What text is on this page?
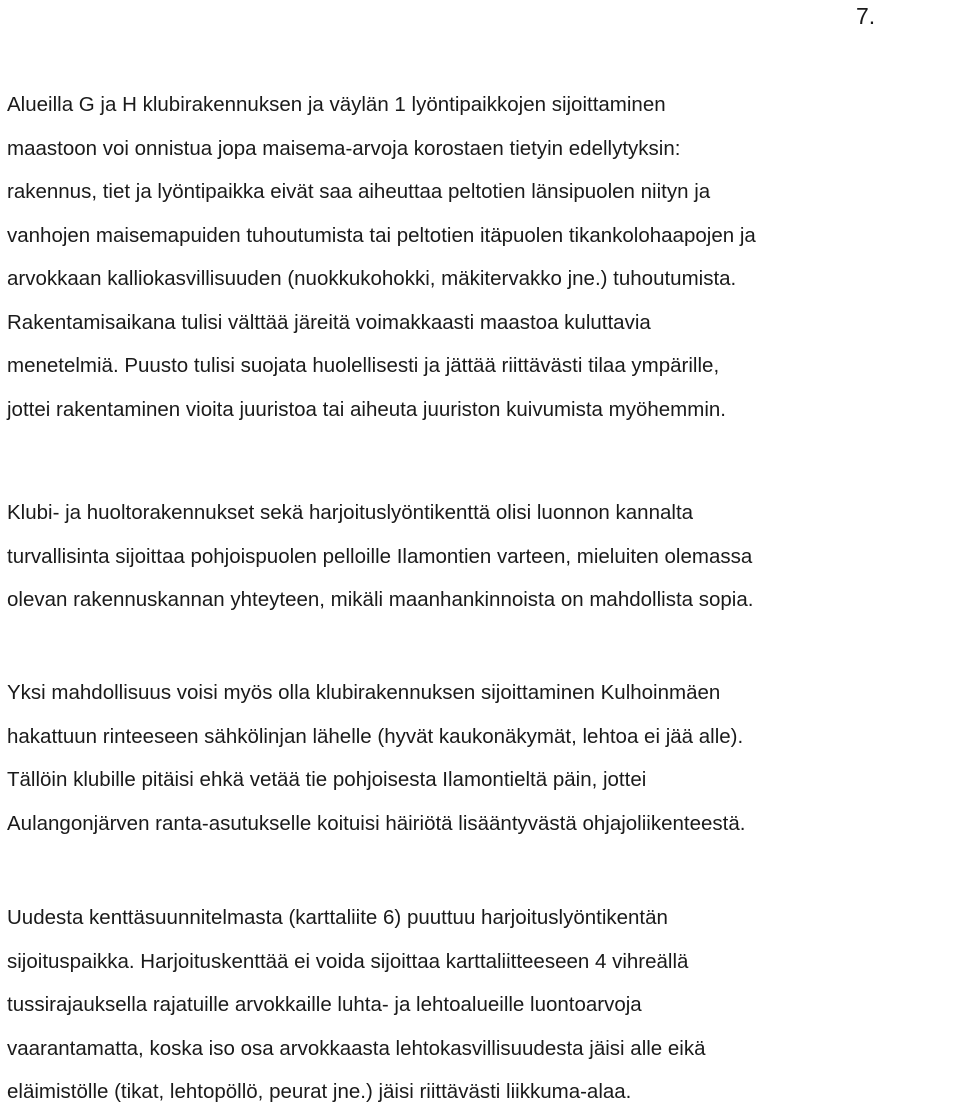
7.
Alueilla G ja H klubirakennuksen ja väylän 1 lyöntipaikkojen sijoittaminen
maastoon voi onnistua jopa maisema-arvoja korostaen tietyin edellytyksin:
rakennus, tiet ja lyöntipaikka eivät saa aiheuttaa peltotien länsipuolen niityn ja
vanhojen maisemapuiden tuhoutumista tai peltotien itäpuolen tikankolohaapojen ja
arvokkaan kalliokasvillisuuden (nuokkukohokki, mäkitervakko jne.) tuhoutumista.
Rakentamisaikana tulisi välttää järeitä voimakkaasti maastoa kuluttavia
menetelmiä. Puusto tulisi suojata huolellisesti ja jättää riittävästi tilaa ympärille,
jottei rakentaminen vioita juuristoa tai aiheuta juuriston kuivumista myöhemmin.
Klubi- ja huoltorakennukset sekä harjoituslyöntikenttä olisi luonnon kannalta
turvallisinta sijoittaa pohjoispuolen pelloille Ilamontien varteen, mieluiten olemassa
olevan rakennuskannan yhteyteen, mikäli maanhankinnoista on mahdollista sopia.
Yksi mahdollisuus voisi myös olla klubirakennuksen sijoittaminen Kulhoinmäen
hakattuun rinteeseen sähkölinjan lähelle (hyvät kaukonäkymät, lehtoa ei jää alle).
Tällöin klubille pitäisi ehkä vetää tie pohjoisesta Ilamontieltä päin, jottei
Aulangonjärven ranta-asutukselle koituisi häiriötä lisääntyvästä ohjajoliikenteestä.
Uudesta kenttäsuunnitelmasta (karttaliite 6) puuttuu harjoituslyöntikentän
sijoituspaikka. Harjoituskenttää ei voida sijoittaa karttaliitteeseen 4 vihreällä
tussirajauksella rajatuille arvokkaille luhta- ja lehtoalueille luontoarvoja
vaarantamatta, koska iso osa arvokkaasta lehtokasvillisuudesta jäisi alle eikä
eläimistölle (tikat, lehtopöllö, peurat jne.) jäisi riittävästi liikkuma-alaa.
